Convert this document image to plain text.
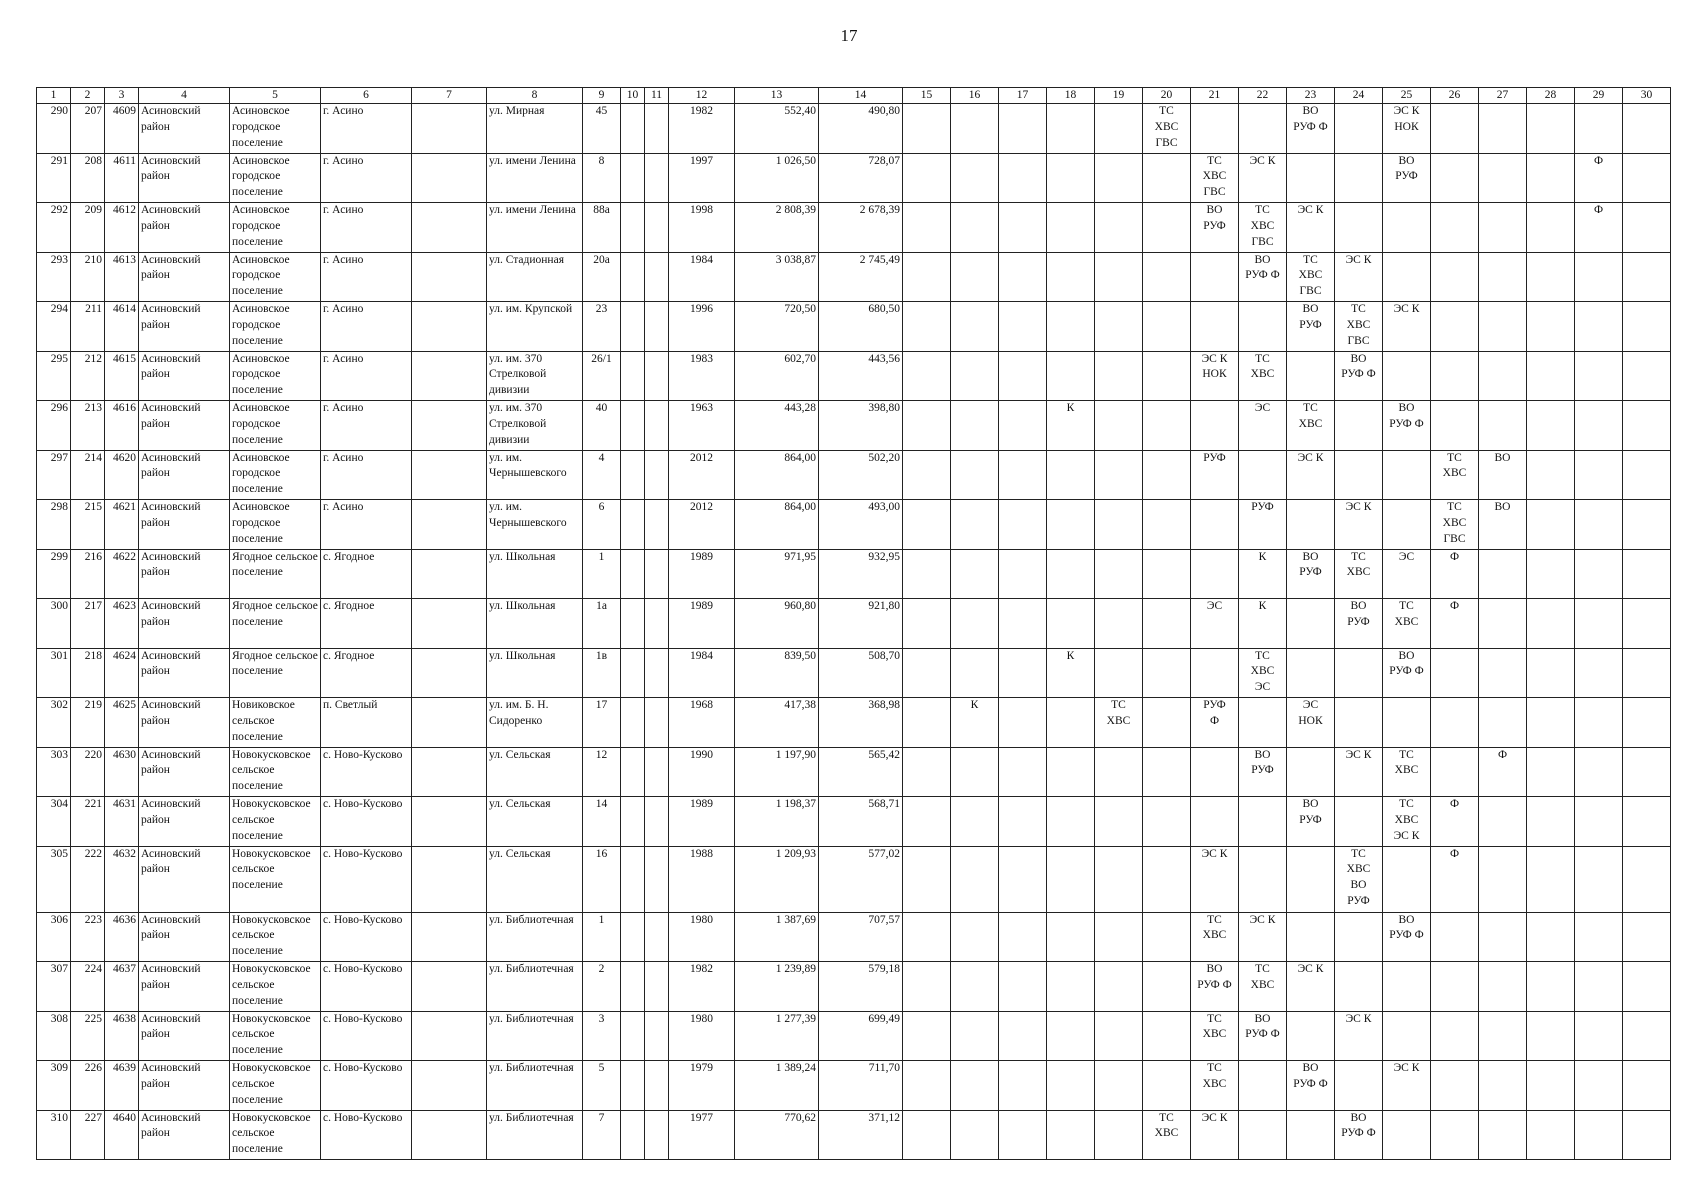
17
1	2	3	4	5	6	7	8	9	10	11	12	13	14	15	16	17	18	19	20	21	22	23	24	25	26	27	28	29	30
290	207	4609	Асиновский район	Асиновское городское поселение	г. Асино		ул. Мирная	45			1982	552,40	490,80						ТС
ХВС
ГВС			ВО
РУФ Ф		ЭС К
НОК					
291	208	4611	Асиновский район	Асиновское городское поселение	г. Асино		ул. имени Ленина	8			1997	1 026,50	728,07							ТС
ХВС
ГВС	ЭС К			ВО
РУФ				Ф	
292	209	4612	Асиновский район	Асиновское городское поселение	г. Асино		ул. имени Ленина	88а			1998	2 808,39	2 678,39							ВО
РУФ	ТС
ХВС
ГВС	ЭС К						Ф	
293	210	4613	Асиновский район	Асиновское городское поселение	г. Асино		ул. Стадионная	20а			1984	3 038,87	2 745,49								ВО
РУФ Ф	ТС
ХВС
ГВС	ЭС К						
294	211	4614	Асиновский район	Асиновское городское поселение	г. Асино		ул. им. Крупской	23			1996	720,50	680,50									ВО
РУФ	ТС
ХВС
ГВС	ЭС К					
295	212	4615	Асиновский район	Асиновское городское поселение	г. Асино		ул. им. 370 Стрелковой дивизии	26/1			1983	602,70	443,56							ЭС К
НОК	ТС
ХВС		ВО
РУФ Ф						
296	213	4616	Асиновский район	Асиновское городское поселение	г. Асино		ул. им. 370 Стрелковой дивизии	40			1963	443,28	398,80				К				ЭС	ТС
ХВС		ВО
РУФ Ф					
297	214	4620	Асиновский район	Асиновское городское поселение	г. Асино		ул. им. Чернышевского	4			2012	864,00	502,20							РУФ		ЭС К			ТС
ХВС	ВО			
298	215	4621	Асиновский район	Асиновское городское поселение	г. Асино		ул. им. Чернышевского	6			2012	864,00	493,00								РУФ		ЭС К		ТС
ХВС
ГВС	ВО			
299	216	4622	Асиновский район	Ягодное сельское поселение	с. Ягодное		ул. Школьная	1			1989	971,95	932,95								К	ВО
РУФ	ТС
ХВС	ЭС	Ф				
300	217	4623	Асиновский район	Ягодное сельское поселение	с. Ягодное		ул. Школьная	1а			1989	960,80	921,80							ЭС	К		ВО
РУФ	ТС
ХВС	Ф				
301	218	4624	Асиновский район	Ягодное сельское поселение	с. Ягодное		ул. Школьная	1в			1984	839,50	508,70				К				ТС
ХВС
ЭС			ВО
РУФ Ф					
302	219	4625	Асиновский район	Новиковское сельское поселение	п. Светлый		ул. им. Б. Н. Сидоренко	17			1968	417,38	368,98		К			ТС
ХВС		РУФ
Ф		ЭС
НОК							
303	220	4630	Асиновский район	Новокусковское сельское поселение	с. Ново-Кусково		ул. Сельская	12			1990	1 197,90	565,42								ВО
РУФ		ЭС К	ТС
ХВС		Ф			
304	221	4631	Асиновский район	Новокусковское сельское поселение	с. Ново-Кусково		ул. Сельская	14			1989	1 198,37	568,71									ВО
РУФ		ТС
ХВС
ЭС К	Ф				
305	222	4632	Асиновский район	Новокусковское сельское поселение	с. Ново-Кусково		ул. Сельская	16			1988	1 209,93	577,02							ЭС К			ТС
ХВС
ВО
РУФ		Ф				
306	223	4636	Асиновский район	Новокусковское сельское поселение	с. Ново-Кусково		ул. Библиотечная	1			1980	1 387,69	707,57							ТС
ХВС	ЭС К			ВО
РУФ Ф					
307	224	4637	Асиновский район	Новокусковское сельское поселение	с. Ново-Кусково		ул. Библиотечная	2			1982	1 239,89	579,18							ВО
РУФ Ф	ТС
ХВС	ЭС К							
308	225	4638	Асиновский район	Новокусковское сельское поселение	с. Ново-Кусково		ул. Библиотечная	3			1980	1 277,39	699,49							ТС
ХВС	ВО
РУФ Ф		ЭС К						
309	226	4639	Асиновский район	Новокусковское сельское поселение	с. Ново-Кусково		ул. Библиотечная	5			1979	1 389,24	711,70							ТС
ХВС		ВО
РУФ Ф		ЭС К					
310	227	4640	Асиновский район	Новокусковское сельское поселение	с. Ново-Кусково		ул. Библиотечная	7			1977	770,62	371,12						ТС
ХВС	ЭС К			ВО
РУФ Ф						
